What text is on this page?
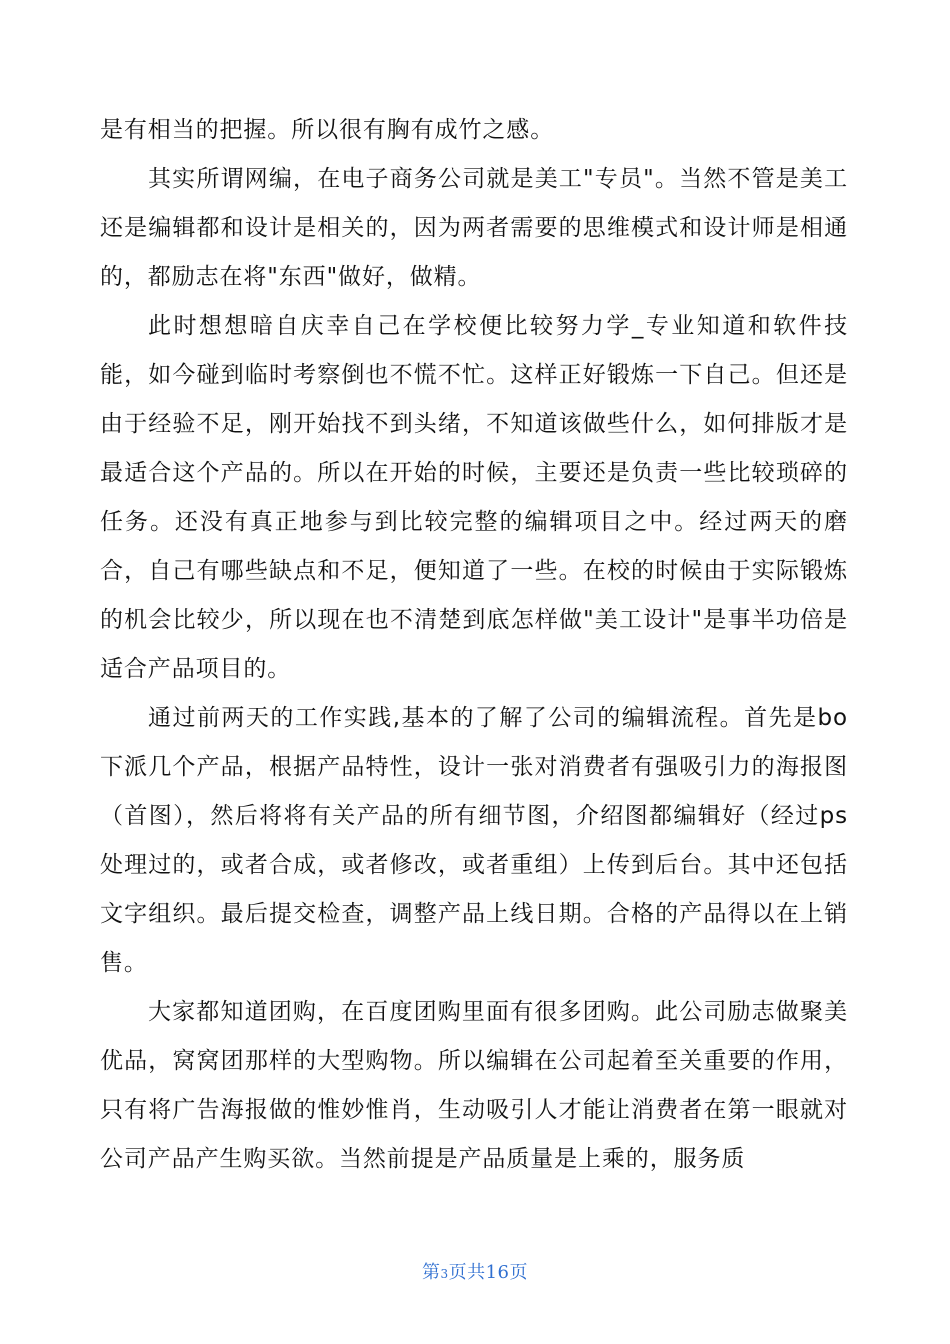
是有相当的把握。所以很有胸有成竹之感。

其实所谓网编，在电子商务公司就是美工"专员"。当然不管是美工还是编辑都和设计是相关的，因为两者需要的思维模式和设计师是相通的，都励志在将"东西"做好，做精。

此时想想暗自庆幸自己在学校便比较努力学_专业知道和软件技能，如今碰到临时考察倒也不慌不忙。这样正好锻炼一下自己。但还是由于经验不足，刚开始找不到头绪，不知道该做些什么，如何排版才是最适合这个产品的。所以在开始的时候，主要还是负责一些比较琐碎的任务。还没有真正地参与到比较完整的编辑项目之中。经过两天的磨合，自己有哪些缺点和不足，便知道了一些。在校的时候由于实际锻炼的机会比较少，所以现在也不清楚到底怎样做"美工设计"是事半功倍是适合产品项目的。

通过前两天的工作实践,基本的了解了公司的编辑流程。首先是bo下派几个产品，根据产品特性，设计一张对消费者有强吸引力的海报图（首图），然后将将有关产品的所有细节图，介绍图都编辑好（经过ps处理过的，或者合成，或者修改，或者重组）上传到后台。其中还包括文字组织。最后提交检查，调整产品上线日期。合格的产品得以在上销售。

大家都知道团购，在百度团购里面有很多团购。此公司励志做聚美优品，窝窝团那样的大型购物。所以编辑在公司起着至关重要的作用，只有将广告海报做的惟妙惟肖，生动吸引人才能让消费者在第一眼就对公司产品产生购买欲。当然前提是产品质量是上乘的，服务质

第3页共16页
